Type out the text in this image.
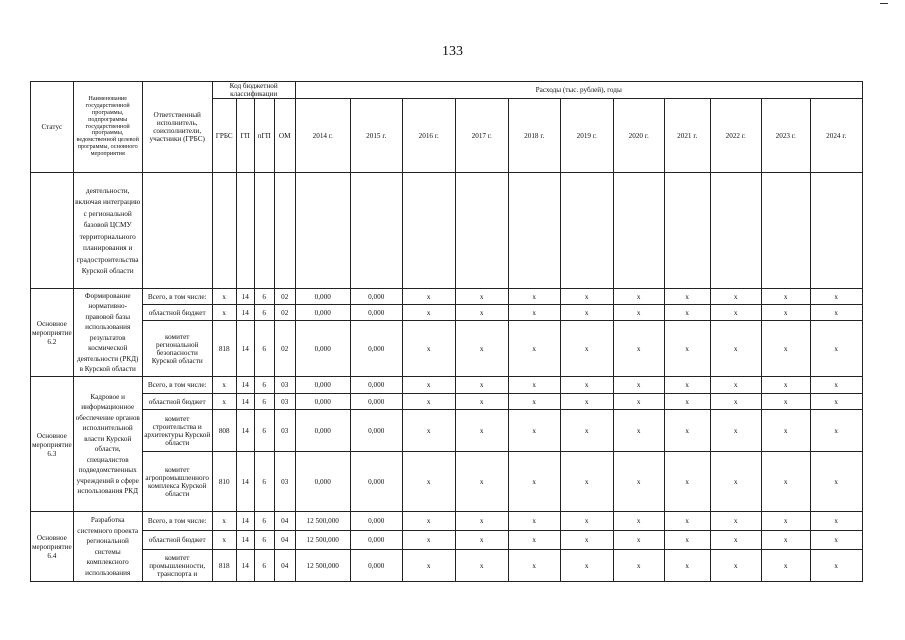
133
Статус	Наименование государственной программы, подпрограммы государственной программы, ведомственной целевой программы, основного мероприятия	Ответственный исполнитель, соисполнители, участники (ГРБС)	Код бюджетной классификации				Расходы (тыс. рублей), годы										
			ГРБС	ГП	пГП	ОМ	2014 г.	2015 г.	2016 г.	2017 г.	2018 г.	2019 г.	2020 г.	2021 г.	2022 г.	2023 г.	2024 г.
	деятельности, включая интеграцию с региональной базовой ЦСМУ территориального планирования и градостроительства Курской области																
Основное мероприятие 6.2	Формирование нормативно-правовой базы использования результатов космической деятельности (РКД) в Курской области	Всего, в том числе:	x	14	6	02	0,000	0,000	x	x	x	x	x	x	x	x	x
		областной бюджет	x	14	6	02	0,000	0,000	x	x	x	x	x	x	x	x	x
		комитет региональной безопасности Курской области	818	14	6	02	0,000	0,000	x	x	x	x	x	x	x	x	x
Основное мероприятие 6.3	Кадровое и информационное обеспечение органов исполнительной власти Курской области, специалистов подведомственных учреждений в сфере использования РКД	Всего, в том числе:	x	14	6	03	0,000	0,000	x	x	x	x	x	x	x	x	x
		областной бюджет	x	14	6	03	0,000	0,000	x	x	x	x	x	x	x	x	x
		комитет строительства и архитектуры Курской области	808	14	6	03	0,000	0,000	x	x	x	x	x	x	x	x	x
		комитет агропромышленного комплекса Курской области	810	14	6	03	0,000	0,000	x	x	x	x	x	x	x	x	x
Основное мероприятие 6.4	Разработка системного проекта региональной системы комплексного использования	Всего, в том числе:	x	14	6	04	12 500,000	0,000	x	x	x	x	x	x	x	x	x
		областной бюджет	x	14	6	04	12 500,000	0,000	x	x	x	x	x	x	x	x	x
		комитет промышленности, транспорта и	818	14	6	04	12 500,000	0,000	x	x	x	x	x	x	x	x	x
